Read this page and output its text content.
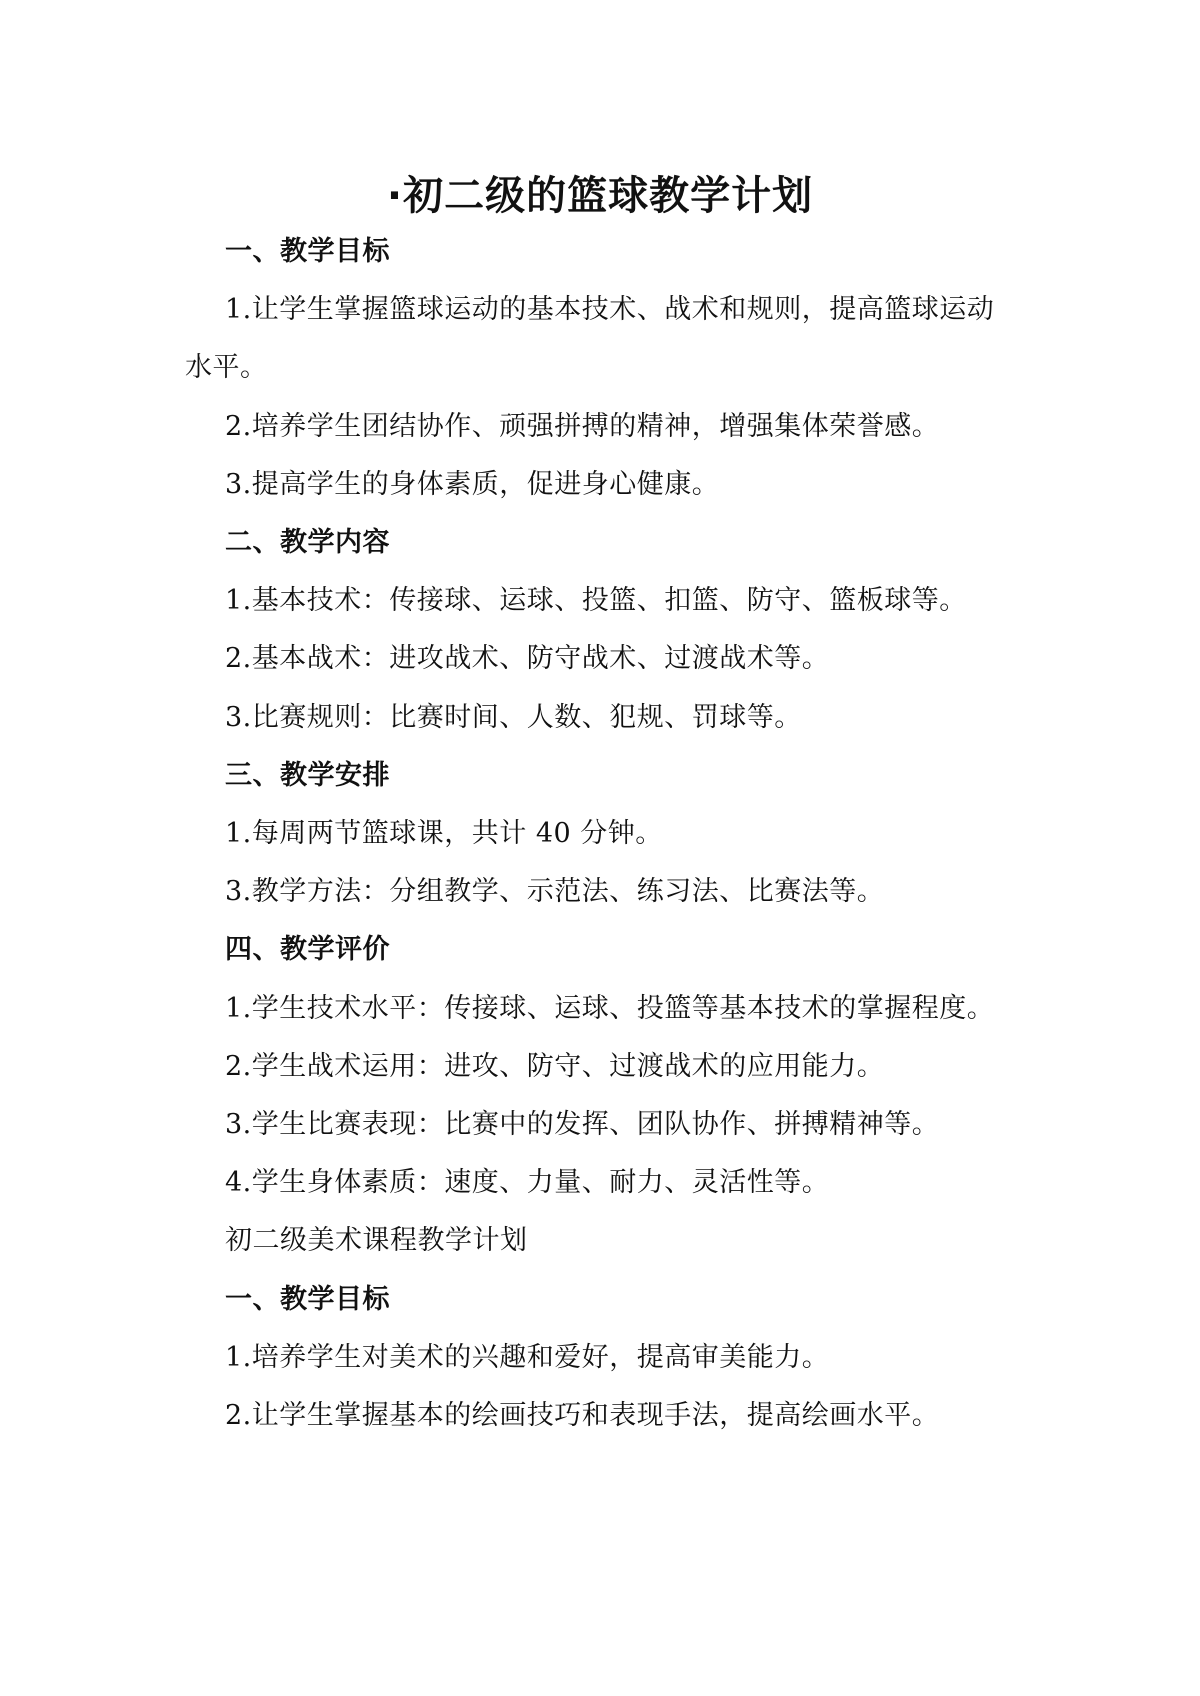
·初二级的篮球教学计划
一、教学目标
1.让学生掌握篮球运动的基本技术、战术和规则，提高篮球运动
水平。
2.培养学生团结协作、顽强拼搏的精神，增强集体荣誉感。
3.提高学生的身体素质，促进身心健康。
二、教学内容
1.基本技术：传接球、运球、投篮、扣篮、防守、篮板球等。
2.基本战术：进攻战术、防守战术、过渡战术等。
3.比赛规则：比赛时间、人数、犯规、罚球等。
三、教学安排
1.每周两节篮球课，共计 40 分钟。
3.教学方法：分组教学、示范法、练习法、比赛法等。
四、教学评价
1.学生技术水平：传接球、运球、投篮等基本技术的掌握程度。
2.学生战术运用：进攻、防守、过渡战术的应用能力。
3.学生比赛表现：比赛中的发挥、团队协作、拼搏精神等。
4.学生身体素质：速度、力量、耐力、灵活性等。
初二级美术课程教学计划
一、教学目标
1.培养学生对美术的兴趣和爱好，提高审美能力。
2.让学生掌握基本的绘画技巧和表现手法，提高绘画水平。
